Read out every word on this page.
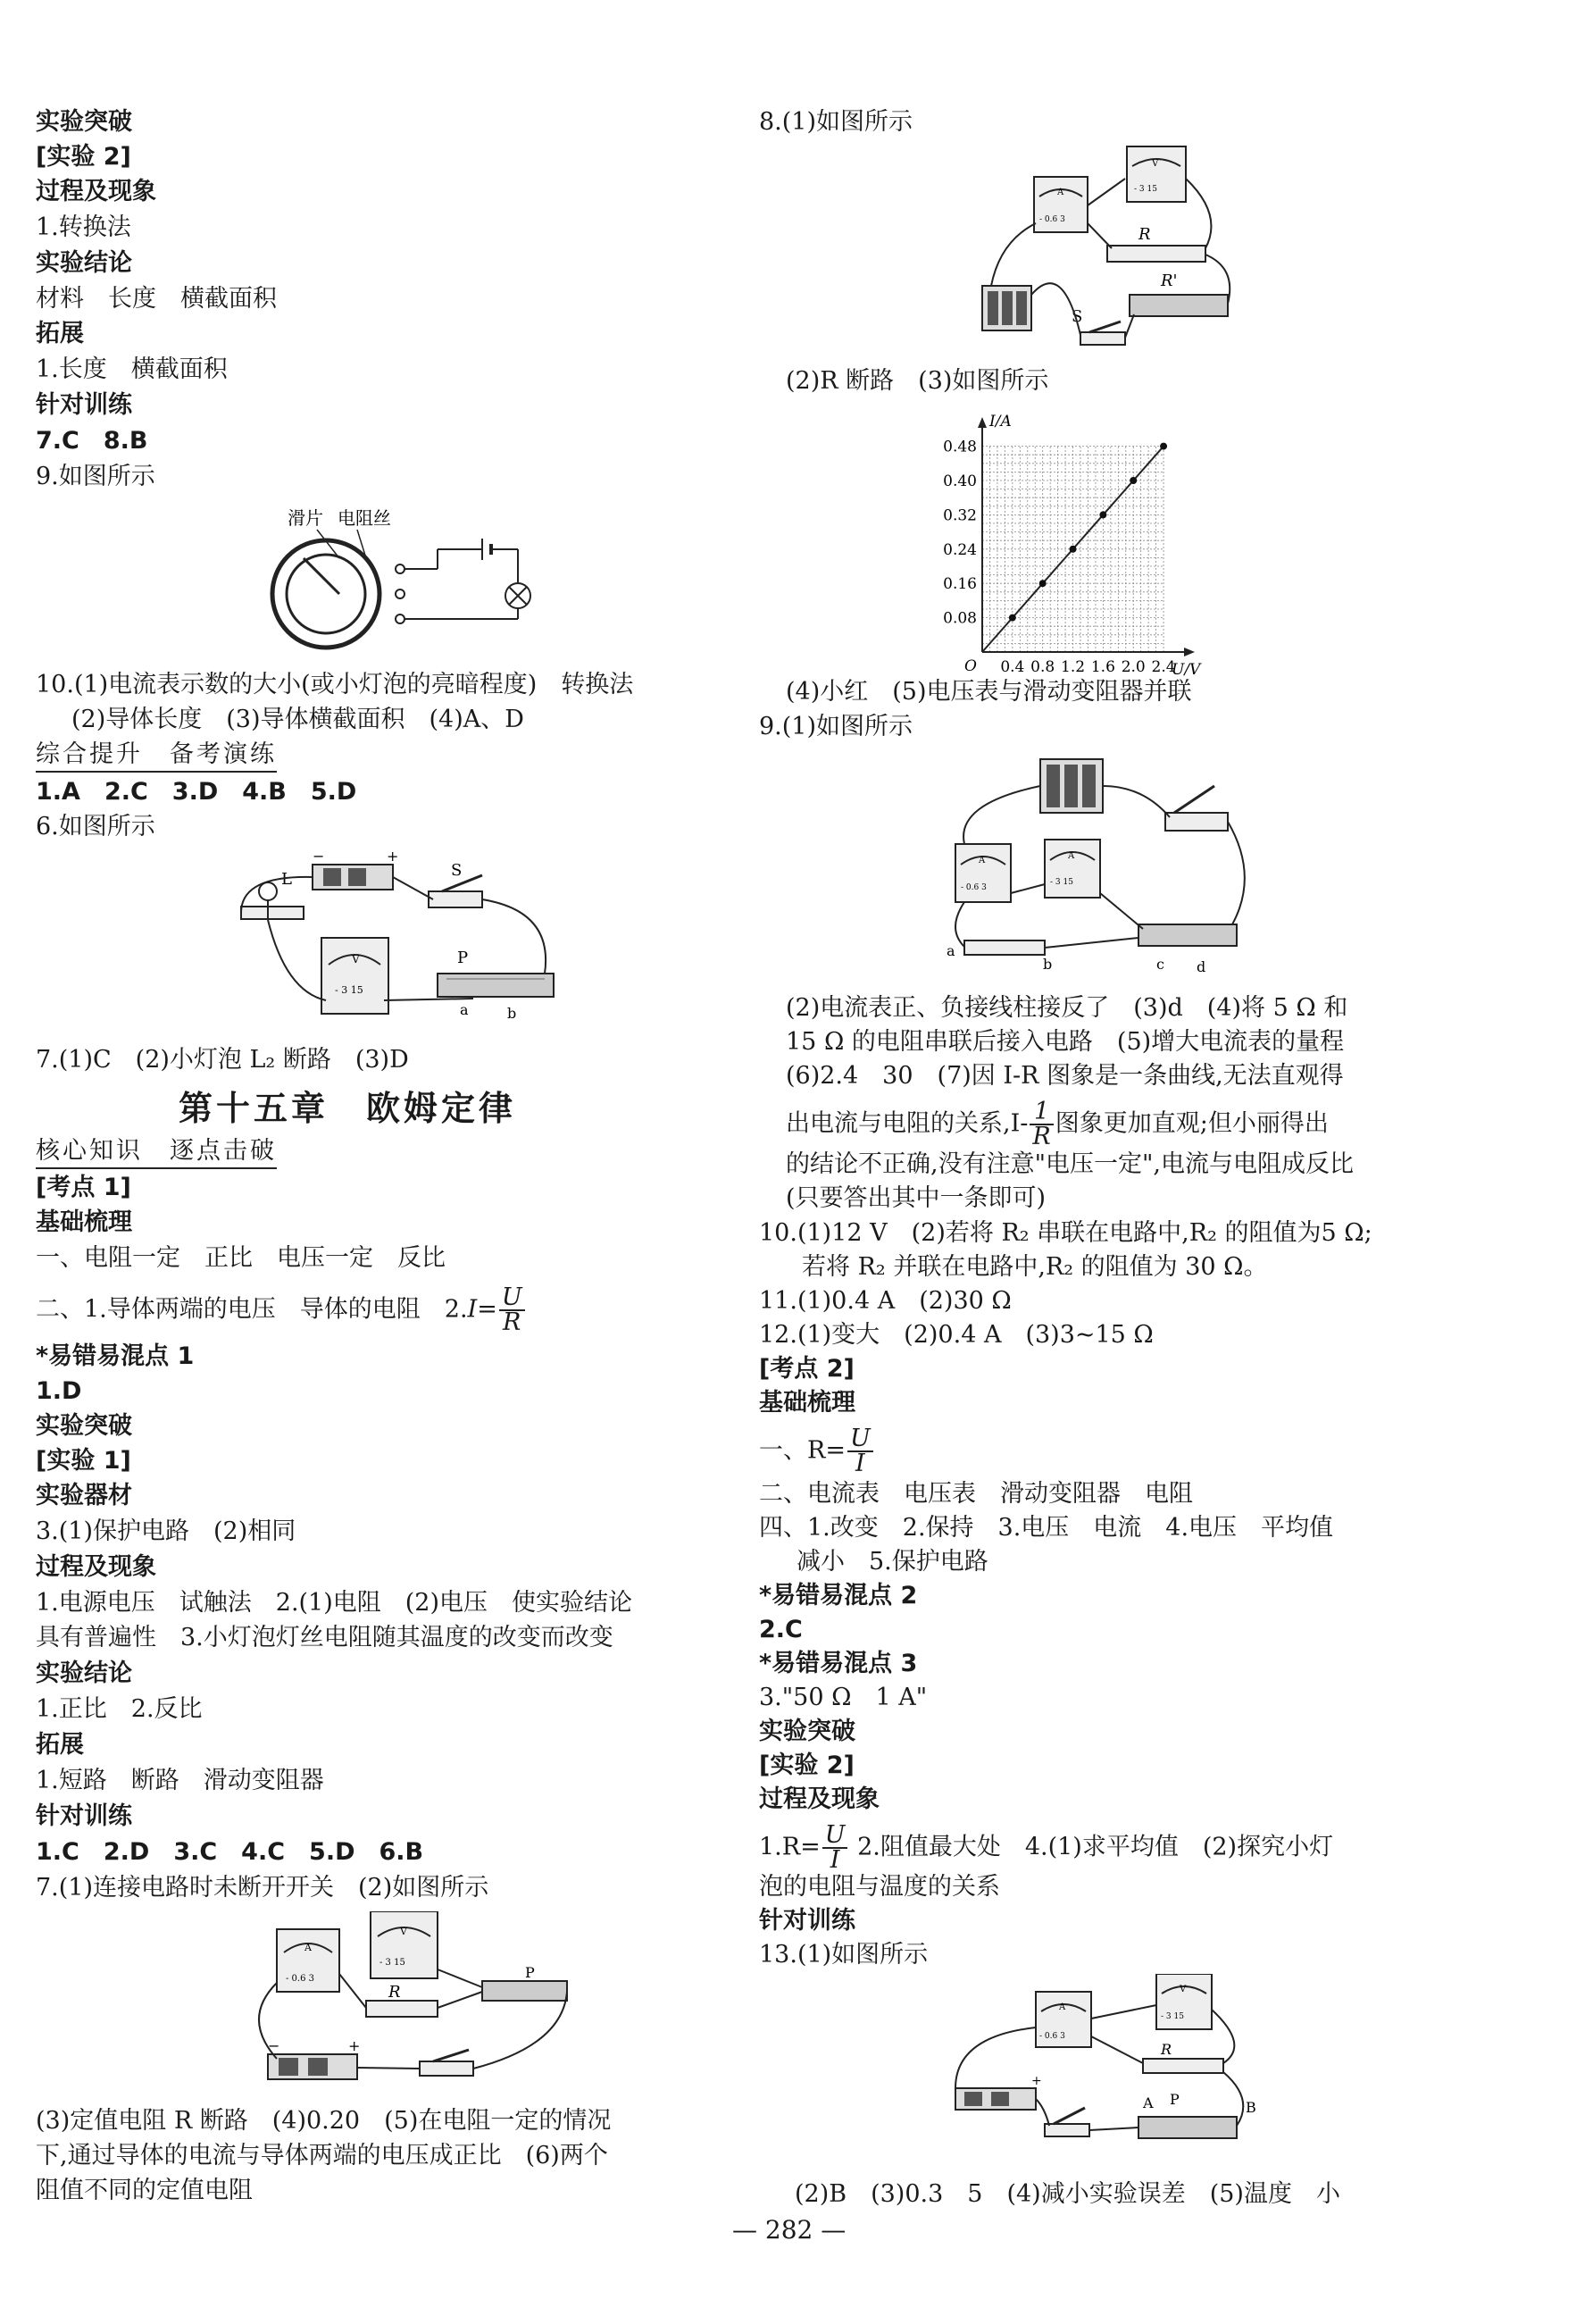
实验突破
[实验 2]
过程及现象
1.转换法
实验结论
材料　长度　横截面积
拓展
1.长度　横截面积
针对训练
7.C　8.B
9.如图所示
滑片 电阻丝
10.(1)电流表示数的大小(或小灯泡的亮暗程度)　转换法
(2)导体长度　(3)导体横截面积　(4)A、D
综合提升　备考演练
1.A　2.C　3.D　4.B　5.D
6.如图所示
−	+
S
L
V
- 3 15
P
a	b
7.(1)C　(2)小灯泡 L₂ 断路　(3)D
第十五章　欧姆定律
核心知识　逐点击破
[考点 1]
基础梳理
一、电阻一定　正比　电压一定　反比
二、1.导体两端的电压　导体的电阻　$2.I= \frac{U}{R}$
*易错易混点 1
1.D
实验突破
[实验 1]
实验器材
3.(1)保护电路　(2)相同
过程及现象
1.电源电压　试触法　2.(1)电阻　(2)电压　使实验结论
具有普遍性　3.小灯泡灯丝电阻随其温度的改变而改变
实验结论
1.正比　2.反比
拓展
1.短路　断路　滑动变阻器
针对训练
1.C　2.D　3.C　4.C　5.D　6.B
7.(1)连接电路时未断开开关　(2)如图所示
A
- 0.6 3
V
- 3 15
P
R
−	+
(3)定值电阻 R 断路　(4)0.20　(5)在电阻一定的情况
下,通过导体的电流与导体两端的电压成正比　(6)两个
阻值不同的定值电阻
8.(1)如图所示
A
- 0.6 3
V
- 3 15
R
R'
S
(2)R 断路　(3)如图所示
I/A
U/V
O
0.48
0.40
0.32
0.24
0.16
0.08
0.4 0.8 1.2 1.6 2.0 2.4
(4)小红　(5)电压表与滑动变阻器并联
9.(1)如图所示
A
- 0.6 3
A
- 3 15
a
b	c d
(2)电流表正、负接线柱接反了　(3)d　(4)将 5 Ω 和
15 Ω 的电阻串联后接入电路　(5)增大电流表的量程
(6)2.4　30　(7)因 I-R 图象是一条曲线,无法直观得
出电流与电阻的关系$,I- \frac{1}{R}$ 图象更加直观;但小丽得出
的结论不正确,没有注意"电压一定",电流与电阻成反比
(只要答出其中一条即可)
10.(1)12 V　(2)若将 R₂ 串联在电路中,R₂ 的阻值为5 Ω;
若将 R₂ 并联在电路中,R₂ 的阻值为 30 Ω。
11.(1)0.4 A　(2)30 Ω
12.(1)变大　(2)0.4 A　(3)3~15 Ω
[考点 2]
基础梳理
一、$R= \frac{U}{I}$
二、电流表　电压表　滑动变阻器　电阻
四、1.改变　2.保持　3.电压　电流　4.电压　平均值
减小　5.保护电路
*易错易混点 2
2.C
*易错易混点 3
3."50 Ω　1 A"
实验突破
[实验 2]
过程及现象
$1.R= \frac{U}{I} 2$.阻值最大处　4.(1)求平均值　(2)探究小灯
泡的电阻与温度的关系
针对训练
13.(1)如图所示
A
- 0.6 3
V
- 3 15
R
+
A P	B
(2)B　(3)0.3　5　(4)减小实验误差　(5)温度　小
— 282 —
